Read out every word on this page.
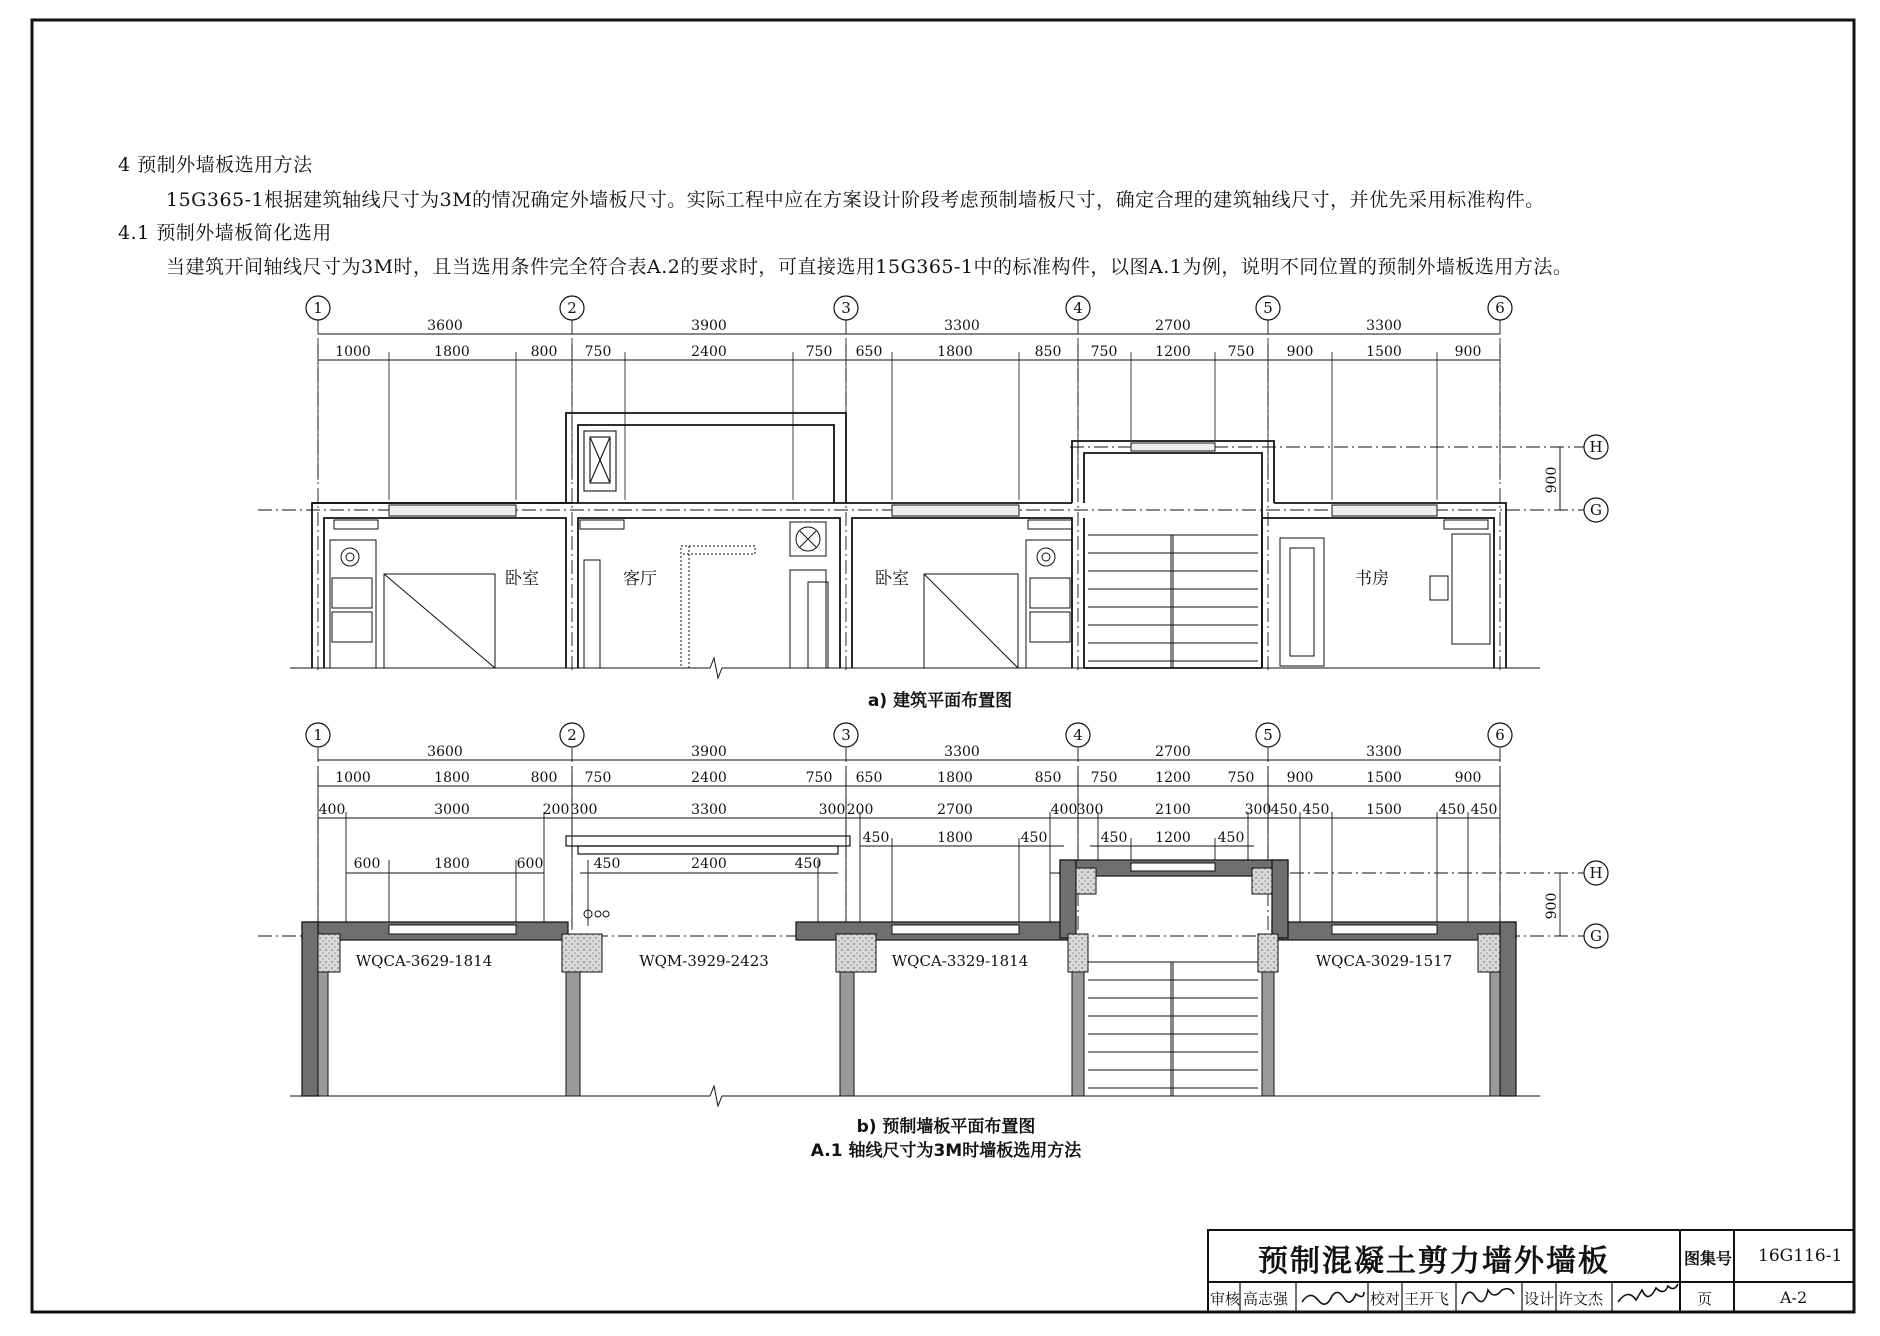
1	2	3	4	5	6
1	2	3	4	5	6
H
G
H
G
3600	3900	3300	2700	3300
1000	1800	800 750	2400	750 650	1800	850 750	1200	750 900	1500	900
3600	3900	3300	2700	3300
1000	1800	800 750	2400	750 650	1800	850 750	1200	750 900	1500	900
400	3000	200 300	3300	300 200	2700	400 300	2100	300 450 450	1500	450 450
600	1800	600	450	2400	450
450	1800	450	450 1200 450
900
900
卧室	客厅	卧室	书房
WQCA-3629-1814	WQM-3929-2423	WQCA-3329-1814	WQCA-3029-1517
4 预制外墙板选用方法
15G365-1根据建筑轴线尺寸为3M的情况确定外墙板尺寸。实际工程中应在方案设计阶段考虑预制墙板尺寸，确定合理的建筑轴线尺寸，并优先采用标准构件。
4.1 预制外墙板简化选用
当建筑开间轴线尺寸为3M时，且当选用条件完全符合表A.2的要求时，可直接选用15G365-1中的标准构件，以图A.1为例，说明不同位置的预制外墙板选用方法。
a) 建筑平面布置图
b) 预制墙板平面布置图
A.1 轴线尺寸为3M时墙板选用方法
预制混凝土剪力墙外墙板	图集号 16G116-1
审核 高志强	校对 王开飞	设计 许文杰	页	A-2
